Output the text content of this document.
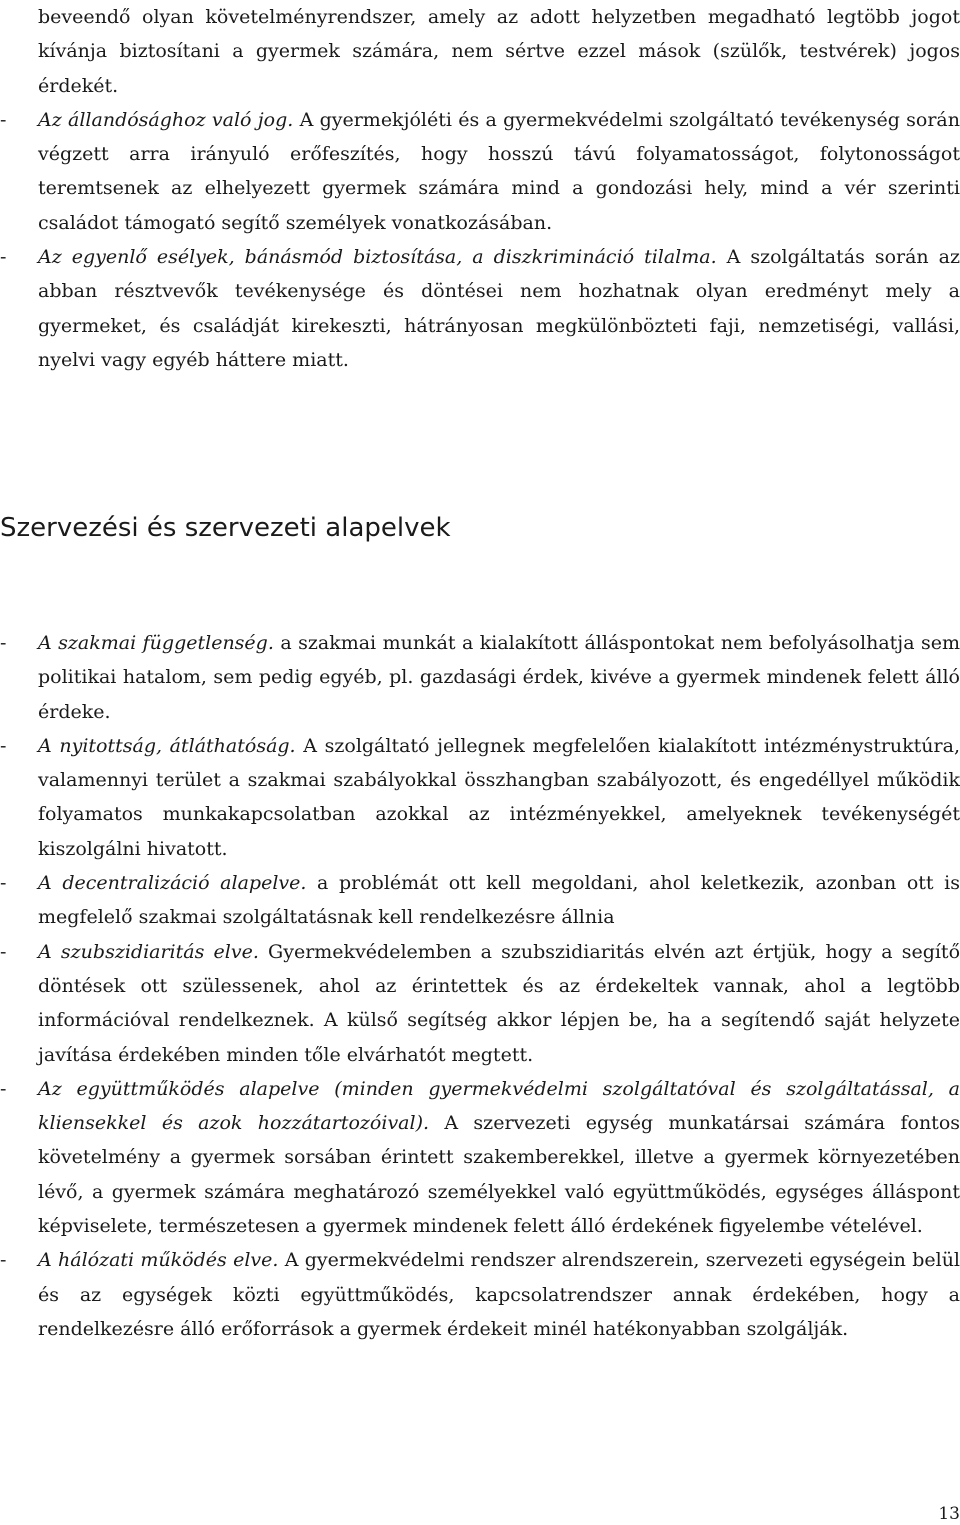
beveendő olyan követelményrendszer, amely az adott helyzetben megadható legtöbb jogot kívánja biztosítani a gyermek számára, nem sértve ezzel mások (szülők, testvérek) jogos érdekét.

- Az állandósághoz való jog. A gyermekjóléti és a gyermekvédelmi szolgáltató tevékenység során végzett arra irányuló erőfeszítés, hogy hosszú távú folyamatosságot, folytonosságot teremtsenek az elhelyezett gyermek számára mind a gondozási hely, mind a vér szerinti családot támogató segítő személyek vonatkozásában.

- Az egyenlő esélyek, bánásmód biztosítása, a diszkrimináció tilalma. A szolgáltatás során az abban résztvevők tevékenysége és döntései nem hozhatnak olyan eredményt mely a gyermeket, és családját kirekeszti, hátrányosan megkülönbözteti faji, nemzetiségi, vallási, nyelvi vagy egyéb háttere miatt.

Szervezési és szervezeti alapelvek

- A szakmai függetlenség. a szakmai munkát a kialakított álláspontokat nem befolyásolhatja sem politikai hatalom, sem pedig egyéb, pl. gazdasági érdek, kivéve a gyermek mindenek felett álló érdeke.

- A nyitottság, átláthatóság. A szolgáltató jellegnek megfelelően kialakított intézménystruktúra, valamennyi terület a szakmai szabályokkal összhangban szabályozott, és engedéllyel működik folyamatos munkakapcsolatban azokkal az intézményekkel, amelyeknek tevékenységét kiszolgálni hivatott.

- A decentralizáció alapelve. a problémát ott kell megoldani, ahol keletkezik, azonban ott is megfelelő szakmai szolgáltatásnak kell rendelkezésre állnia

- A szubszidiaritás elve. Gyermekvédelemben a szubszidiaritás elvén azt értjük, hogy a segítő döntések ott szülessenek, ahol az érintettek és az érdekeltek vannak, ahol a legtöbb információval rendelkeznek. A külső segítség akkor lépjen be, ha a segítendő saját helyzete javítása érdekében minden tőle elvárhatót megtett.

- Az együttműködés alapelve (minden gyermekvédelmi szolgáltatóval és szolgáltatással, a kliensekkel és azok hozzátartozóival). A szervezeti egység munkatársai számára fontos követelmény a gyermek sorsában érintett szakemberekkel, illetve a gyermek környezetében lévő, a gyermek számára meghatározó személyekkel való együttműködés, egységes álláspont képviselete, természetesen a gyermek mindenek felett álló érdekének figyelembe vételével.

- A hálózati működés elve. A gyermekvédelmi rendszer alrendszerein, szervezeti egységein belül és az egységek közti együttműködés, kapcsolatrendszer annak érdekében, hogy a rendelkezésre álló erőforrások a gyermek érdekeit minél hatékonyabban szolgálják.

13
